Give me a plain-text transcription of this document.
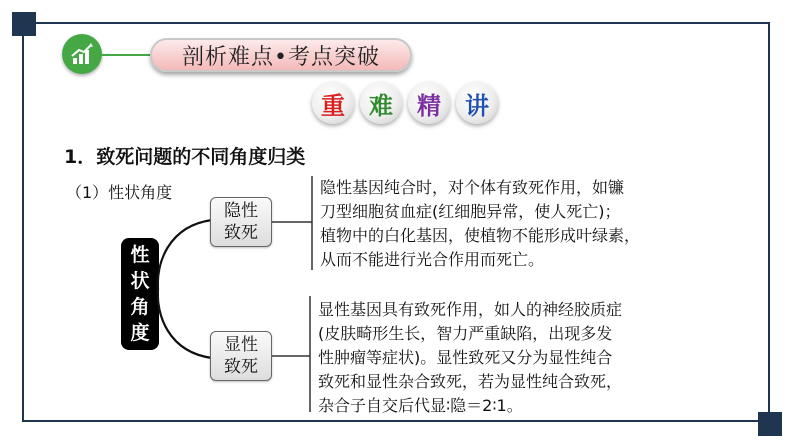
剖析难点•考点突破
重 难 精 讲
1．致死问题的不同角度归类
（1）性状角度
性
状
角
度
隐性
致死
显性
致死
隐性基因纯合时，对个体有致死作用，如镰
刀型细胞贫血症(红细胞异常，使人死亡)；
植物中的白化基因，使植物不能形成叶绿素，
从而不能进行光合作用而死亡。
显性基因具有致死作用，如人的神经胶质症
(皮肤畸形生长，智力严重缺陷，出现多发
性肿瘤等症状)。显性致死又分为显性纯合
致死和显性杂合致死，若为显性纯合致死，
杂合子自交后代显∶隐＝2∶1。
